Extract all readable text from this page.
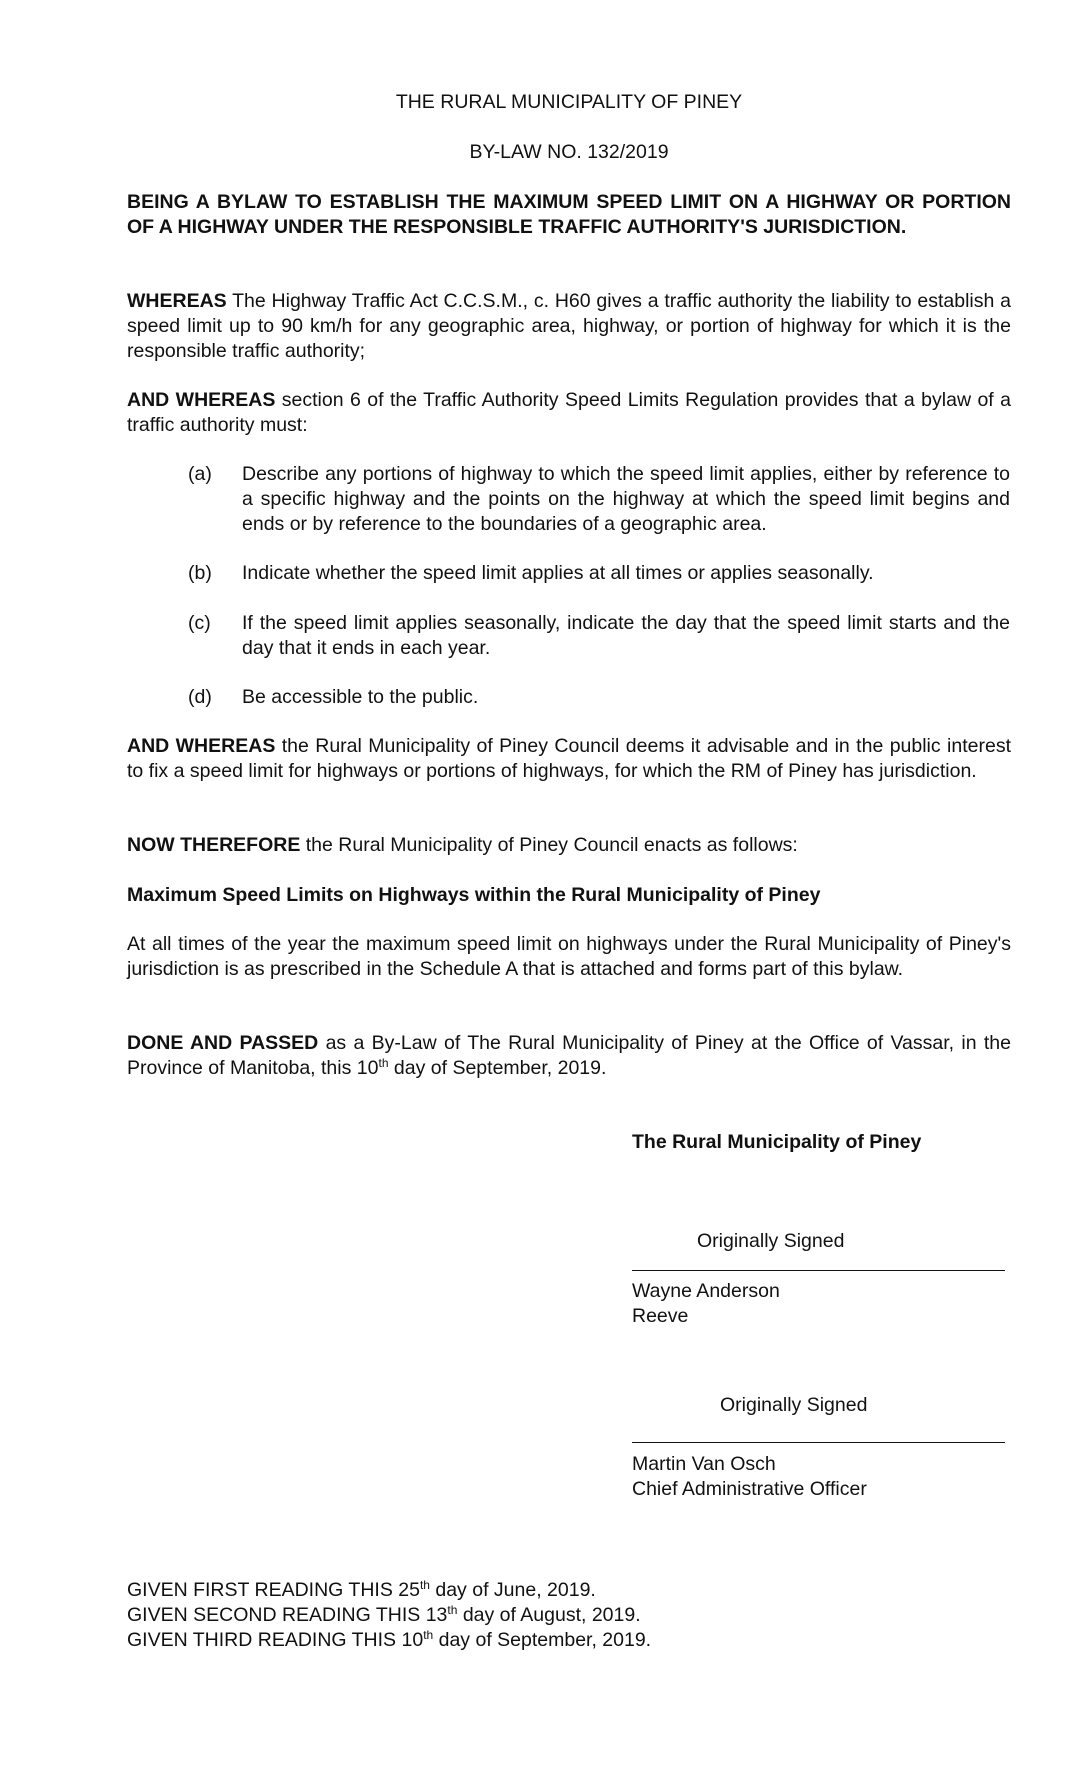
THE RURAL MUNICIPALITY OF PINEY
BY-LAW NO. 132/2019
BEING A BYLAW TO ESTABLISH THE MAXIMUM SPEED LIMIT ON A HIGHWAY OR PORTION OF A HIGHWAY UNDER THE RESPONSIBLE TRAFFIC AUTHORITY'S JURISDICTION.

WHEREAS The Highway Traffic Act C.C.S.M., c. H60 gives a traffic authority the liability to establish a speed limit up to 90 km/h for any geographic area, highway, or portion of highway for which it is the responsible traffic authority;

AND WHEREAS section 6 of the Traffic Authority Speed Limits Regulation provides that a bylaw of a traffic authority must:

(a)	Describe any portions of highway to which the speed limit applies, either by reference to a specific highway and the points on the highway at which the speed limit begins and ends or by reference to the boundaries of a geographic area.
(b)	Indicate whether the speed limit applies at all times or applies seasonally.
(c)	If the speed limit applies seasonally, indicate the day that the speed limit starts and the day that it ends in each year.
(d)	Be accessible to the public.

AND WHEREAS the Rural Municipality of Piney Council deems it advisable and in the public interest to fix a speed limit for highways or portions of highways, for which the RM of Piney has jurisdiction.

NOW THEREFORE the Rural Municipality of Piney Council enacts as follows:

Maximum Speed Limits on Highways within the Rural Municipality of Piney

At all times of the year the maximum speed limit on highways under the Rural Municipality of Piney's jurisdiction is as prescribed in the Schedule A that is attached and forms part of this bylaw.

DONE AND PASSED as a By-Law of The Rural Municipality of Piney at the Office of Vassar, in the Province of Manitoba, this 10th day of September, 2019.

The Rural Municipality of Piney
Originally Signed
Wayne Anderson
Reeve
Originally Signed
Martin Van Osch
Chief Administrative Officer
GIVEN FIRST READING THIS 25th day of June, 2019.
GIVEN SECOND READING THIS 13th day of August, 2019.
GIVEN THIRD READING THIS 10th day of September, 2019.
